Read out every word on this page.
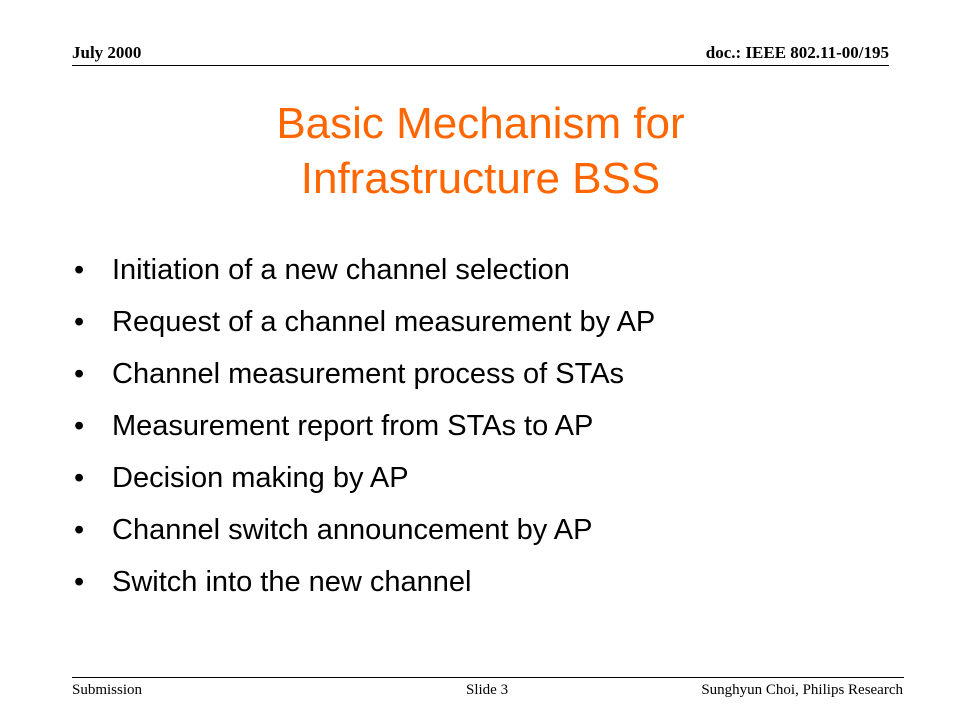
July 2000	doc.: IEEE 802.11-00/195
Basic Mechanism for
Infrastructure BSS
• Initiation of a new channel selection
• Request of a channel measurement by AP
• Channel measurement process of STAs
• Measurement report from STAs to AP
• Decision making by AP
• Channel switch announcement by AP
• Switch into the new channel
Submission	Slide 3	Sunghyun Choi, Philips Research
